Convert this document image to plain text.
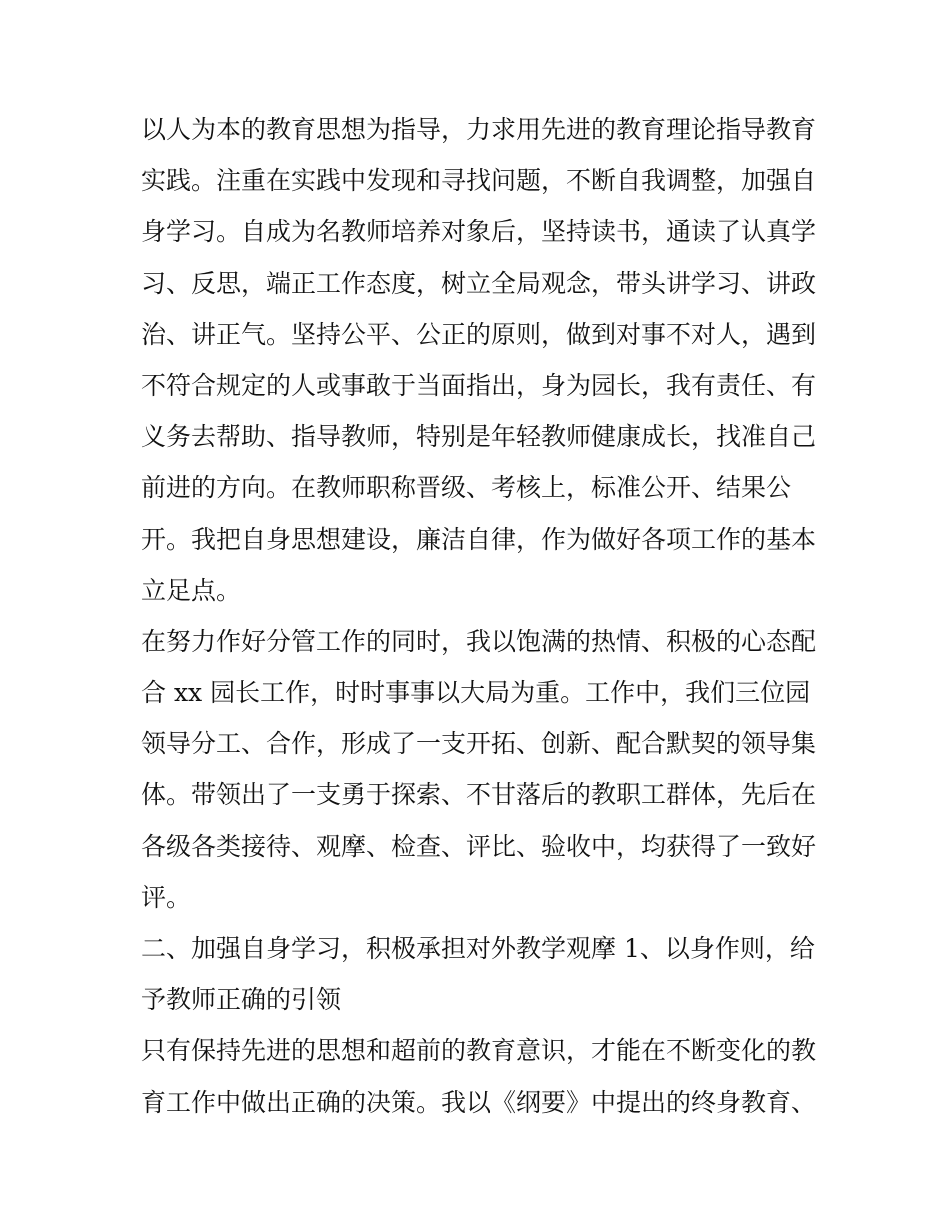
以人为本的教育思想为指导，力求用先进的教育理论指导教育
实践。注重在实践中发现和寻找问题，不断自我调整，加强自
身学习。自成为名教师培养对象后，坚持读书，通读了认真学
习、反思，端正工作态度，树立全局观念，带头讲学习、讲政
治、讲正气。坚持公平、公正的原则，做到对事不对人，遇到
不符合规定的人或事敢于当面指出，身为园长，我有责任、有
义务去帮助、指导教师，特别是年轻教师健康成长，找准自己
前进的方向。在教师职称晋级、考核上，标准公开、结果公
开。我把自身思想建设，廉洁自律，作为做好各项工作的基本
立足点。
在努力作好分管工作的同时，我以饱满的热情、积极的心态配
合 xx 园长工作，时时事事以大局为重。工作中，我们三位园
领导分工、合作，形成了一支开拓、创新、配合默契的领导集
体。带领出了一支勇于探索、不甘落后的教职工群体，先后在
各级各类接待、观摩、检查、评比、验收中，均获得了一致好
评。
二、加强自身学习，积极承担对外教学观摩 1、以身作则，给
予教师正确的引领
只有保持先进的思想和超前的教育意识，才能在不断变化的教
育工作中做出正确的决策。我以《纲要》中提出的终身教育、
